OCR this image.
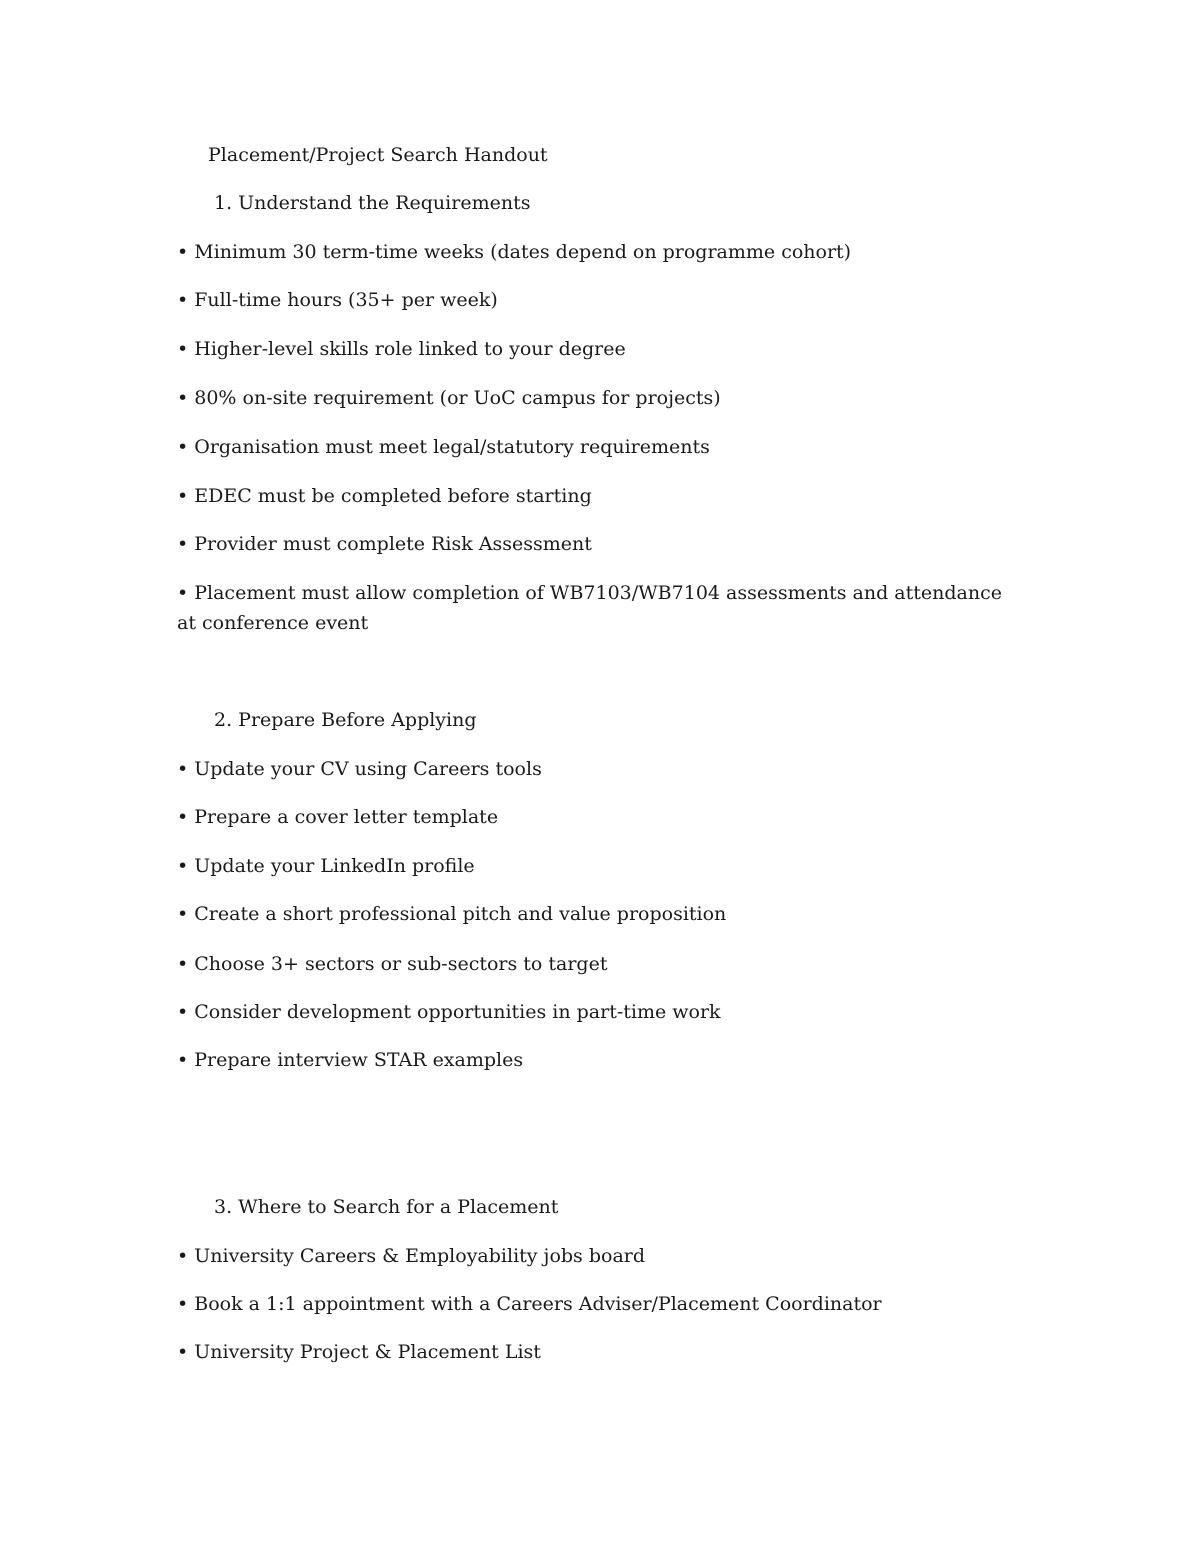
Placement/Project Search Handout
1. Understand the Requirements
• Minimum 30 term-time weeks (dates depend on programme cohort)
• Full-time hours (35+ per week)
• Higher-level skills role linked to your degree
• 80% on-site requirement (or UoC campus for projects)
• Organisation must meet legal/statutory requirements
• EDEC must be completed before starting
• Provider must complete Risk Assessment
• Placement must allow completion of WB7103/WB7104 assessments and attendance at conference event
2. Prepare Before Applying
• Update your CV using Careers tools
• Prepare a cover letter template
• Update your LinkedIn profile
• Create a short professional pitch and value proposition
• Choose 3+ sectors or sub-sectors to target
• Consider development opportunities in part-time work
• Prepare interview STAR examples
3. Where to Search for a Placement
• University Careers & Employability jobs board
• Book a 1:1 appointment with a Careers Adviser/Placement Coordinator
• University Project & Placement List
